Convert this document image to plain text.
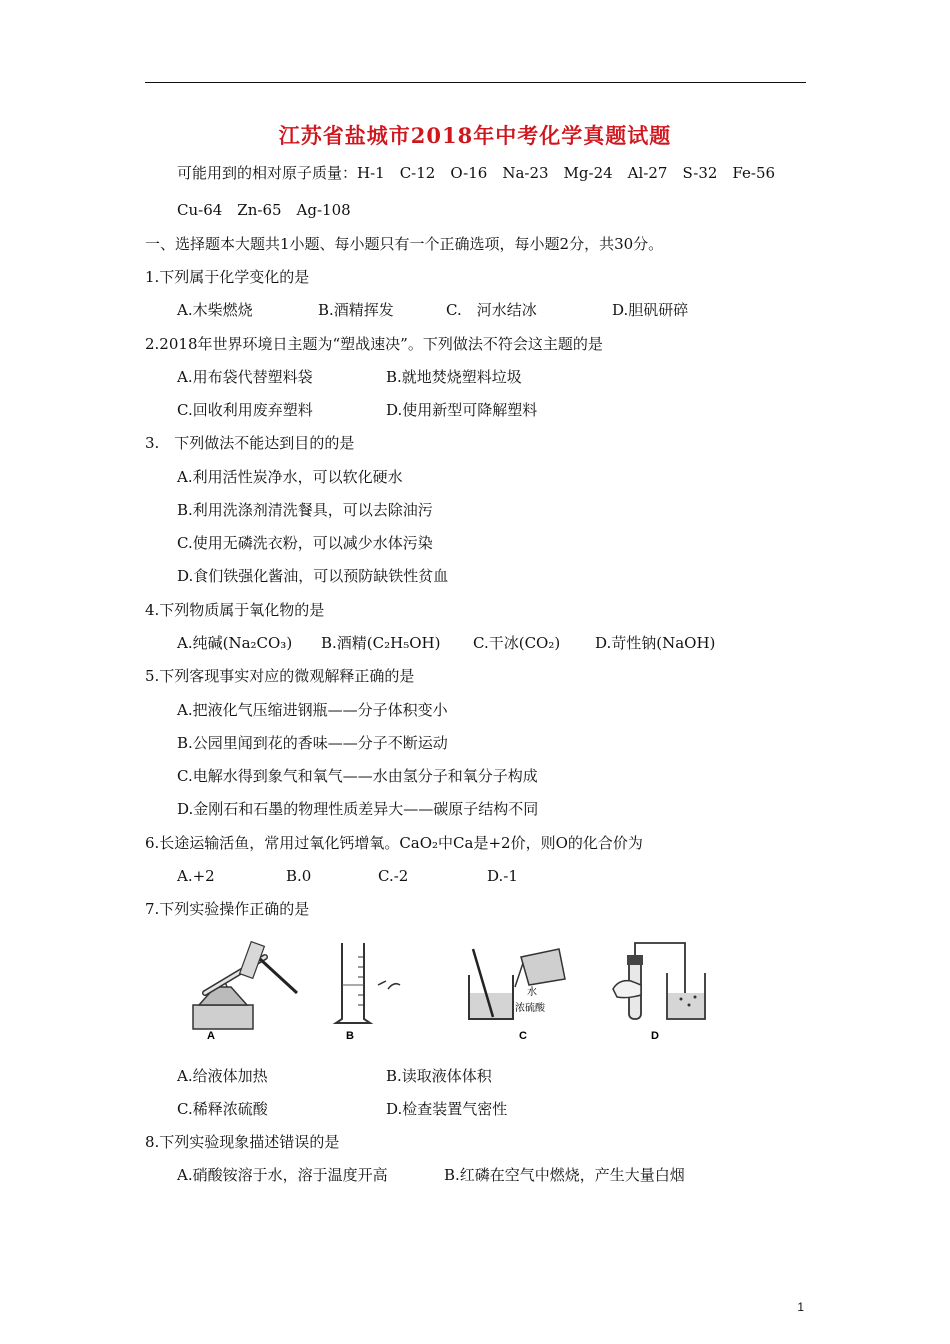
江苏省盐城市2018年中考化学真题试题
可能用到的相对原子质量：H-1　C-12　O-16　Na-23　Mg-24　Al-27　S-32　Fe-56
Cu-64　Zn-65　Ag-108
一、选择题本大题共1小题、每小题只有一个正确选项，每小题2分，共30分。
1.下列属于化学变化的是
A.木柴燃烧	B.酒精挥发	C.　河水结冰	D.胆矾研碎
2.2018年世界环境日主题为“塑战速决”。下列做法不符会这主题的是
A.用布袋代替塑料袋	B.就地焚烧塑料垃圾
C.回收利用废弃塑料	D.使用新型可降解塑料
3.　下列做法不能达到目的的是
A.利用活性炭净水，可以软化硬水
B.利用洗涤剂清洗餐具，可以去除油污
C.使用无磷洗衣粉，可以减少水体污染
D.食们铁强化酱油，可以预防缺铁性贫血
4.下列物质属于氧化物的是
A.纯碱(Na₂CO₃) B.酒精(C₂H₅OH) C.干冰(CO₂) D.苛性钠(NaOH)
5.下列客现事实对应的微观解释正确的是
A.把液化气压缩进钢瓶——分子体积变小
B.公园里闻到花的香味——分子不断运动
C.电解水得到象气和氧气——水由氢分子和氧分子构成
D.金刚石和石墨的物理性质差异大——碳原子结构不同
6.长途运输活鱼，常用过氧化钙增氧。CaO₂中Ca是+2价，则O的化合价为
A.+2	B.0	C.-2	D.-1
7.下列实验操作正确的是
A	B
水
浓硫酸
C	D
A.给液体加热	B.读取液体体积
C.稀释浓硫酸	D.检查装置气密性
8.下列实验现象描述错误的是
A.硝酸铵溶于水，溶于温度开高	B.红磷在空气中燃烧，产生大量白烟
1
